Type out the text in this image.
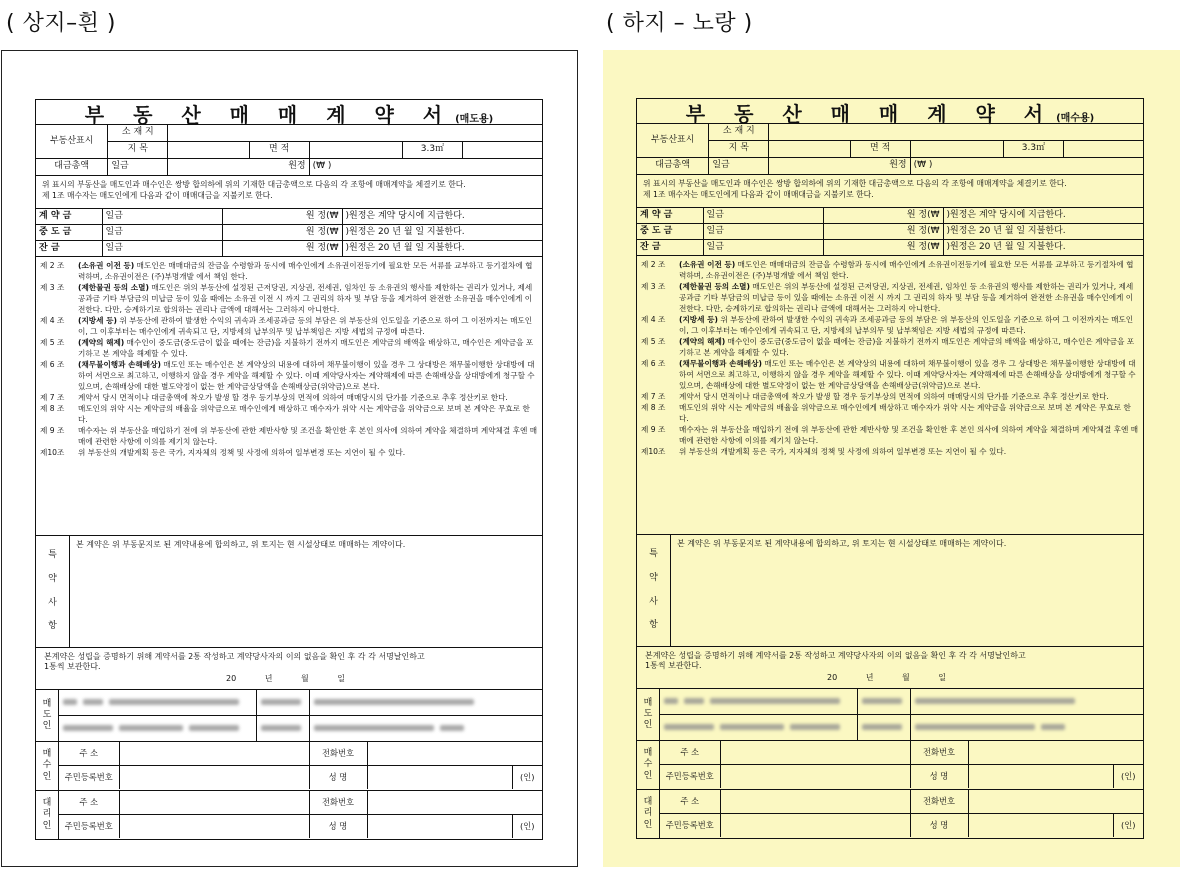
( 상지–흰 )	( 하지 – 노랑 )
부 동 산 매 매 계 약 서 (매도용)
부동산표시	소 재 지					
	지 목		면 적		3.3㎡	
대금총액	일금	원정		(₩ )		
위 표시의 부동산을 매도인과 매수인은 쌍방 합의하에 위의 기재한 대금총액으로 다음의 각 조항에 매매계약을 체결키로 한다.
제 1조 매수자는 매도인에게 다음과 같이 매매대금을 지불키로 한다.
계 약 금	일금	원 정(₩	)원정은 계약 당시에 지급한다.
중 도 금	일금	원 정(₩	)원정은 20 년 월 일 지불한다.
잔 금	일금	원 정(₩	)원정은 20 년 월 일 지불한다.
제 2 조	(소유권 이전 등) 매도인은 매매대금의 잔금을 수령함과 동시에 매수인에게 소유권이전등기에 필요한 모든 서류를 교부하고 등기절차에 협력하며, 소유권이전은 (주)부명개발 에서 책임 한다.
제 3 조	(제한물권 등의 소멸) 매도인은 위의 부동산에 설정된 근저당권, 지상권, 전세권, 임차인 등 소유권의 행사를 제한하는 권리가 있거나, 제세공과금 기타 부담금의 미납금 등이 있을 때에는 소유권 이전 시 까지 그 권리의 하자 및 부담 등을 제거하여 완전한 소유권을 매수인에게 이전한다. 다만, 승계하기로 합의하는 권리나 금액에 대해서는 그러하지 아니한다.
제 4 조	(지방세 등) 위 부동산에 관하여 발생한 수익의 귀속과 조세공과금 등의 부담은 위 부동산의 인도일을 기준으로 하여 그 이전까지는 매도인이, 그 이후부터는 매수인에게 귀속되고 단, 지방세의 납부의무 및 납부책임은 지방 세법의 규정에 따른다.
제 5 조	(계약의 해제) 매수인이 중도금(중도금이 없을 때에는 잔금)을 지불하기 전까지 매도인은 계약금의 배액을 배상하고, 매수인은 계약금을 포기하고 본 계약을 해제할 수 있다.
제 6 조	(채무불이행과 손해배상) 매도인 또는 매수인은 본 계약상의 내용에 대하여 채무불이행이 있을 경우 그 상대방은 채무불이행한 상대방에 대하여 서면으로 최고하고, 이행하지 않을 경우 계약을 해제할 수 있다. 이때 계약당사자는 계약해제에 따른 손해배상을 상대방에게 청구할 수 있으며, 손해배상에 대한 별도약정이 없는 한 계약금상당액을 손해배상금(위약금)으로 본다.
제 7 조	계약서 당시 면적이나 대금총액에 착오가 발생 할 경우 등기부상의 면적에 의하여 매매당시의 단가를 기준으로 추후 정산키로 한다.
제 8 조	매도인의 위약 시는 계약금의 배율을 위약금으로 매수인에게 배상하고 매수자가 위약 시는 계약금을 위약금으로 보며 본 계약은 무효로 한다.
제 9 조	매수자는 위 부동산을 매입하기 전에 위 부동산에 관한 제반사항 및 조건을 확인한 후 본인 의사에 의하여 계약을 체결하며 계약체결 후엔 매매에 관련한 사항에 이의를 제기치 않는다.
제10조	위 부동산의 개발계획 등은 국가, 지자체의 정책 및 사정에 의하여 일부변경 또는 지연이 될 수 있다.
특
약
사
항
본 계약은 위 부동문지로 된 계약내용에 합의하고, 위 토지는 현 시설상태로 매매하는 계약이다.
본계약은 성립을 증명하기 위해 계약서를 2통 작성하고 계약당사자의 이의 없음을 확인 후 각 각 서명날인하고
1통씩 보관한다.
20	년	월	일
매
도
인
매
수
인
주 소		전화번호		
주민등록번호		성 명		(인)
대
리
인
주 소		전화번호		
주민등록번호		성 명		(인)
부 동 산 매 매 계 약 서 (매수용)
부동산표시	소 재 지					
	지 목		면 적		3.3㎡	
대금총액	일금	원정		(₩ )		
위 표시의 부동산을 매도인과 매수인은 쌍방 합의하에 위의 기재한 대금총액으로 다음의 각 조항에 매매계약을 체결키로 한다.
제 1조 매수자는 매도인에게 다음과 같이 매매대금을 지불키로 한다.
계 약 금	일금	원 정(₩	)원정은 계약 당시에 지급한다.
중 도 금	일금	원 정(₩	)원정은 20 년 월 일 지불한다.
잔 금	일금	원 정(₩	)원정은 20 년 월 일 지불한다.
제 2 조	(소유권 이전 등) 매도인은 매매대금의 잔금을 수령함과 동시에 매수인에게 소유권이전등기에 필요한 모든 서류를 교부하고 등기절차에 협력하며, 소유권이전은 (주)부명개발 에서 책임 한다.
제 3 조	(제한물권 등의 소멸) 매도인은 위의 부동산에 설정된 근저당권, 지상권, 전세권, 임차인 등 소유권의 행사를 제한하는 권리가 있거나, 제세공과금 기타 부담금의 미납금 등이 있을 때에는 소유권 이전 시 까지 그 권리의 하자 및 부담 등을 제거하여 완전한 소유권을 매수인에게 이전한다. 다만, 승계하기로 합의하는 권리나 금액에 대해서는 그러하지 아니한다.
제 4 조	(지방세 등) 위 부동산에 관하여 발생한 수익의 귀속과 조세공과금 등의 부담은 위 부동산의 인도일을 기준으로 하여 그 이전까지는 매도인이, 그 이후부터는 매수인에게 귀속되고 단, 지방세의 납부의무 및 납부책임은 지방 세법의 규정에 따른다.
제 5 조	(계약의 해제) 매수인이 중도금(중도금이 없을 때에는 잔금)을 지불하기 전까지 매도인은 계약금의 배액을 배상하고, 매수인은 계약금을 포기하고 본 계약을 해제할 수 있다.
제 6 조	(채무불이행과 손해배상) 매도인 또는 매수인은 본 계약상의 내용에 대하여 채무불이행이 있을 경우 그 상대방은 채무불이행한 상대방에 대하여 서면으로 최고하고, 이행하지 않을 경우 계약을 해제할 수 있다. 이때 계약당사자는 계약해제에 따른 손해배상을 상대방에게 청구할 수 있으며, 손해배상에 대한 별도약정이 없는 한 계약금상당액을 손해배상금(위약금)으로 본다.
제 7 조	계약서 당시 면적이나 대금총액에 착오가 발생 할 경우 등기부상의 면적에 의하여 매매당시의 단가를 기준으로 추후 정산키로 한다.
제 8 조	매도인의 위약 시는 계약금의 배율을 위약금으로 매수인에게 배상하고 매수자가 위약 시는 계약금을 위약금으로 보며 본 계약은 무효로 한다.
제 9 조	매수자는 위 부동산을 매입하기 전에 위 부동산에 관한 제반사항 및 조건을 확인한 후 본인 의사에 의하여 계약을 체결하며 계약체결 후엔 매매에 관련한 사항에 이의를 제기치 않는다.
제10조	위 부동산의 개발계획 등은 국가, 지자체의 정책 및 사정에 의하여 일부변경 또는 지연이 될 수 있다.
특
약
사
항
본 계약은 위 부동문지로 된 계약내용에 합의하고, 위 토지는 현 시설상태로 매매하는 계약이다.
본계약은 성립을 증명하기 위해 계약서를 2통 작성하고 계약당사자의 이의 없음을 확인 후 각 각 서명날인하고
1통씩 보관한다.
20	년	월	일
매
도
인
매
수
인
주 소		전화번호		
주민등록번호		성 명		(인)
대
리
인
주 소		전화번호		
주민등록번호		성 명		(인)
